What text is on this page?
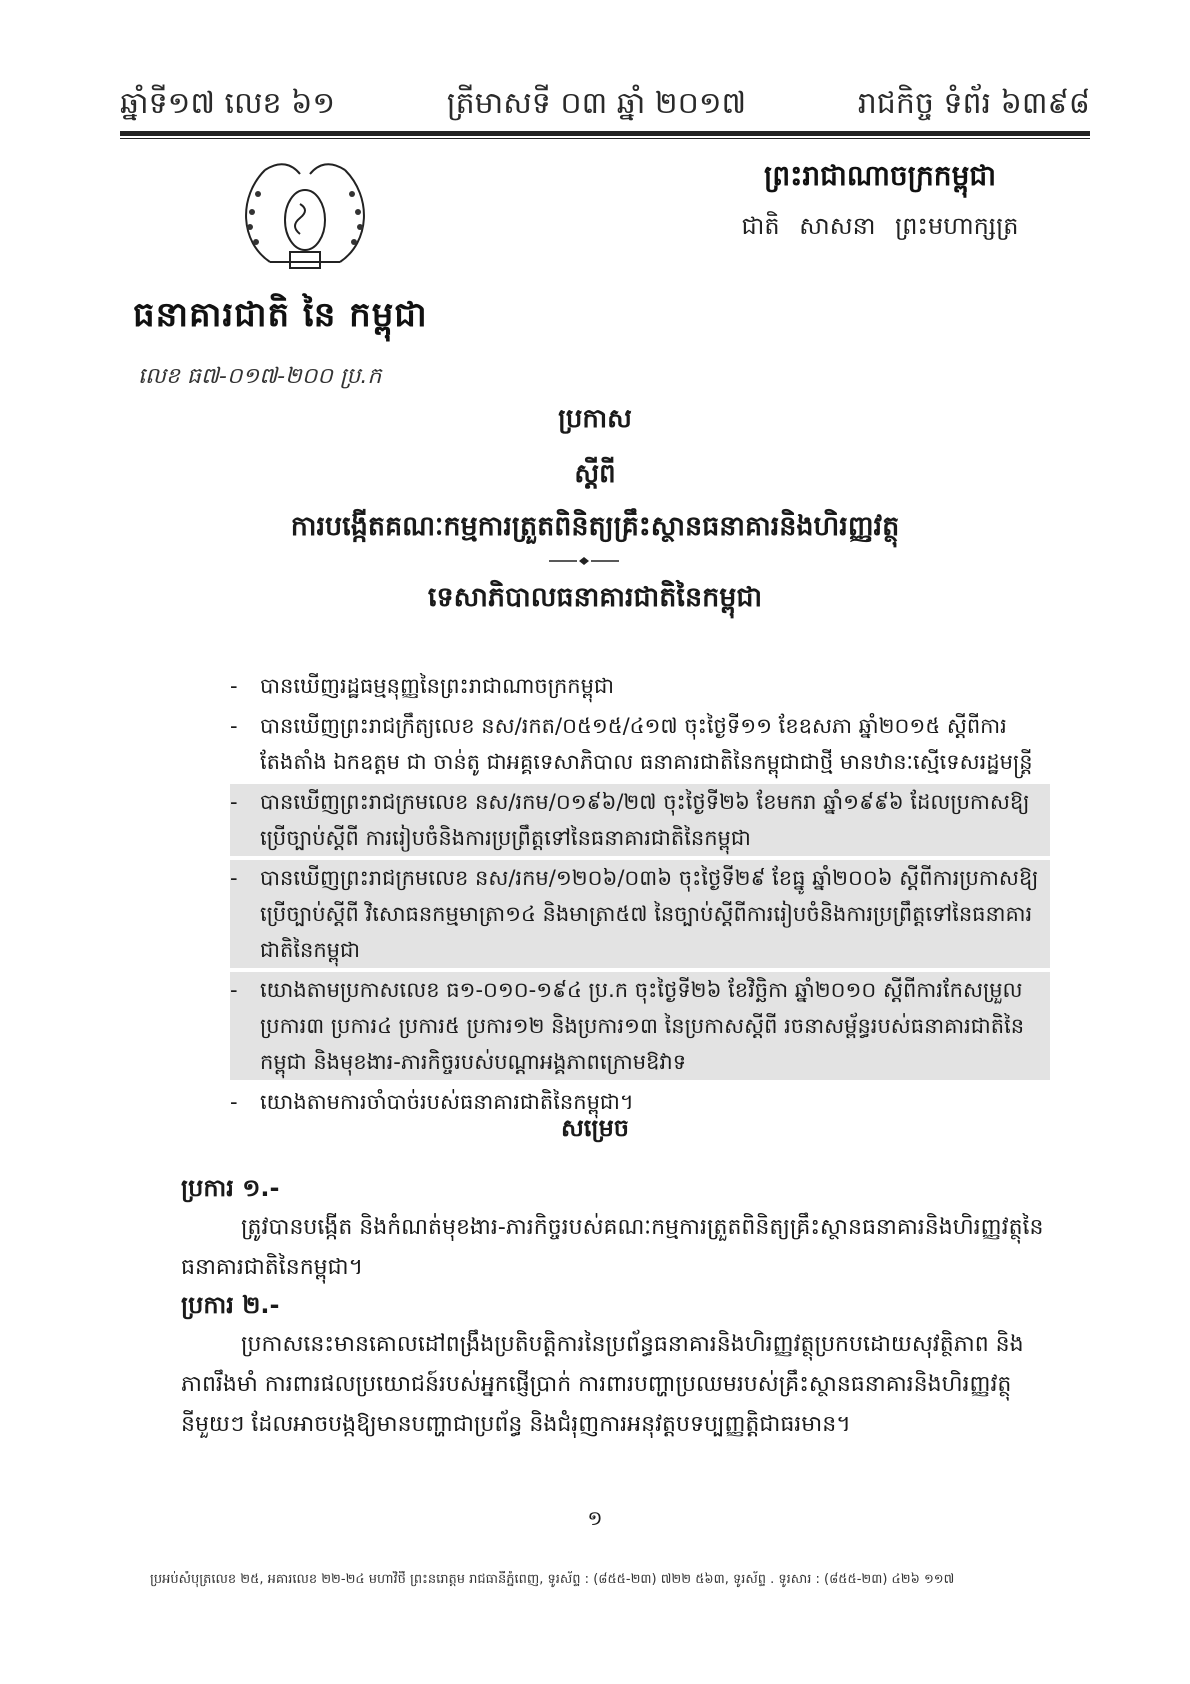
ឆ្នាំទី១៧ លេខ ៦១	ត្រីមាសទី ០៣ ឆ្នាំ ២០១៧	រាជកិច្ច ទំព័រ ៦៣៩៨
ធនាគារជាតិ នៃ កម្ពុជា
លេខ ធ៧-០១៧-២០០ ប្រ.ក
ព្រះរាជាណាចក្រកម្ពុជា
ជាតិ សាសនា ព្រះមហាក្សត្រ
ប្រកាស
ស្ដីពី
ការបង្កើតគណៈកម្មការត្រួតពិនិត្យគ្រឹះស្ថានធនាគារនិងហិរញ្ញវត្ថុ
ទេសាភិបាលធនាគារជាតិនៃកម្ពុជា
- បានឃើញរដ្ឋធម្មនុញ្ញនៃព្រះរាជាណាចក្រកម្ពុជា
- បានឃើញព្រះរាជក្រឹត្យលេខ នស/រកត/០៥១៥/៤១៧ ចុះថ្ងៃទី១១ ខែឧសភា ឆ្នាំ២០១៥ ស្ដីពីការតែងតាំង ឯកឧត្តម ជា ចាន់តូ ជាអគ្គទេសាភិបាល ធនាគារជាតិនៃកម្ពុជាជាថ្មី មានឋានៈស្មើទេសរដ្ឋមន្ត្រី
- បានឃើញព្រះរាជក្រមលេខ នស/រកម/០១៩៦/២៧ ចុះថ្ងៃទី២៦ ខែមករា ឆ្នាំ១៩៩៦ ដែលប្រកាសឱ្យប្រើច្បាប់ស្ដីពី ការរៀបចំនិងការប្រព្រឹត្តទៅនៃធនាគារជាតិនៃកម្ពុជា
- បានឃើញព្រះរាជក្រមលេខ នស/រកម/១២០៦/០៣៦ ចុះថ្ងៃទី២៩ ខែធ្នូ ឆ្នាំ២០០៦ ស្ដីពីការប្រកាសឱ្យប្រើច្បាប់ស្ដីពី វិសោធនកម្មមាត្រា១៤ និងមាត្រា៥៧ នៃច្បាប់ស្ដីពីការរៀបចំនិងការប្រព្រឹត្តទៅនៃធនាគារជាតិនៃកម្ពុជា
- យោងតាមប្រកាសលេខ ធ១-០១០-១៩៤ ប្រ.ក ចុះថ្ងៃទី២៦ ខែវិច្ឆិកា ឆ្នាំ២០១០ ស្ដីពីការកែសម្រួលប្រការ៣ ប្រការ៤ ប្រការ៥ ប្រការ១២ និងប្រការ១៣ នៃប្រកាសស្ដីពី រចនាសម្ព័ន្ធរបស់ធនាគារជាតិនៃកម្ពុជា និងមុខងារ-ភារកិច្ចរបស់បណ្ដាអង្គភាពក្រោមឱវាទ
- យោងតាមការចាំបាច់របស់ធនាគារជាតិនៃកម្ពុជា។
សម្រេច
ប្រការ ១.-
ត្រូវបានបង្កើត និងកំណត់មុខងារ-ភារកិច្ចរបស់គណៈកម្មការត្រួតពិនិត្យគ្រឹះស្ថានធនាគារនិងហិរញ្ញវត្ថុនៃធនាគារជាតិនៃកម្ពុជា។
ប្រការ ២.-
ប្រកាសនេះមានគោលដៅពង្រឹងប្រតិបត្តិការនៃប្រព័ន្ធធនាគារនិងហិរញ្ញវត្ថុប្រកបដោយសុវត្ថិភាព និងភាពរឹងមាំ ការពារផលប្រយោជន៍របស់អ្នកផ្ញើប្រាក់ ការពារបញ្ហាប្រឈមរបស់គ្រឹះស្ថានធនាគារនិងហិរញ្ញវត្ថុនីមួយៗ ដែលអាចបង្កឱ្យមានបញ្ហាជាប្រព័ន្ធ និងជំរុញការអនុវត្តបទប្បញ្ញត្តិជាធរមាន។
១
ប្រអប់សំបុត្រលេខ ២៥, អគារលេខ ២២-២៤ មហាវិថី ព្រះនរោត្តម រាជធានីភ្នំពេញ, ទូរស័ព្ទ : (៨៥៥-២៣) ៧២២ ៥៦៣, ទូរស័ព្ទ . ទូរសារ : (៨៥៥-២៣) ៤២៦ ១១៧
